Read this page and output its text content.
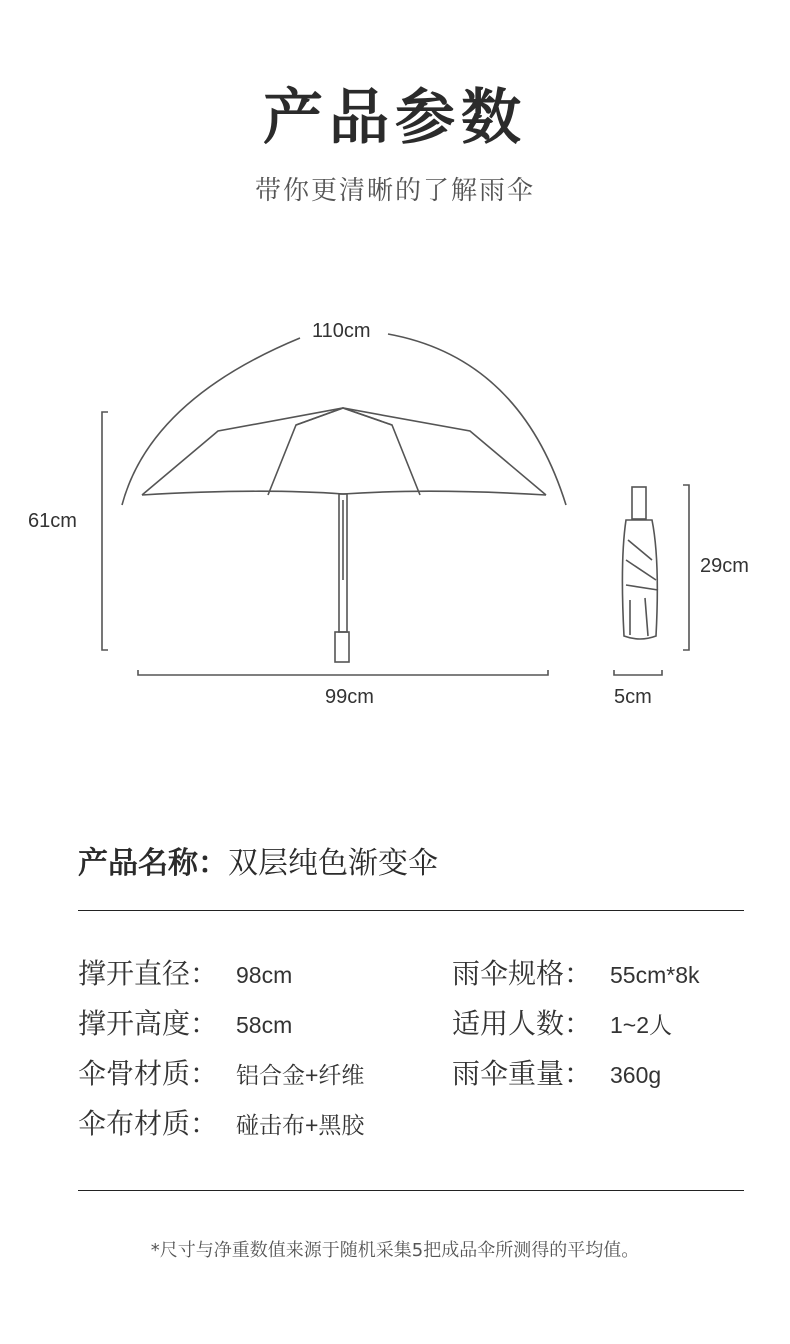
产品参数
带你更清晰的了解雨伞
110cm
61cm
99cm
29cm
5cm
产品名称：双层纯色渐变伞
撑开直径： 98cm
撑开高度： 58cm
伞骨材质： 铝合金+纤维
伞布材质： 碰击布+黑胶
雨伞规格： 55cm*8k
适用人数： 1~2人
雨伞重量： 360g
*尺寸与净重数值来源于随机采集5把成品伞所测得的平均值。
